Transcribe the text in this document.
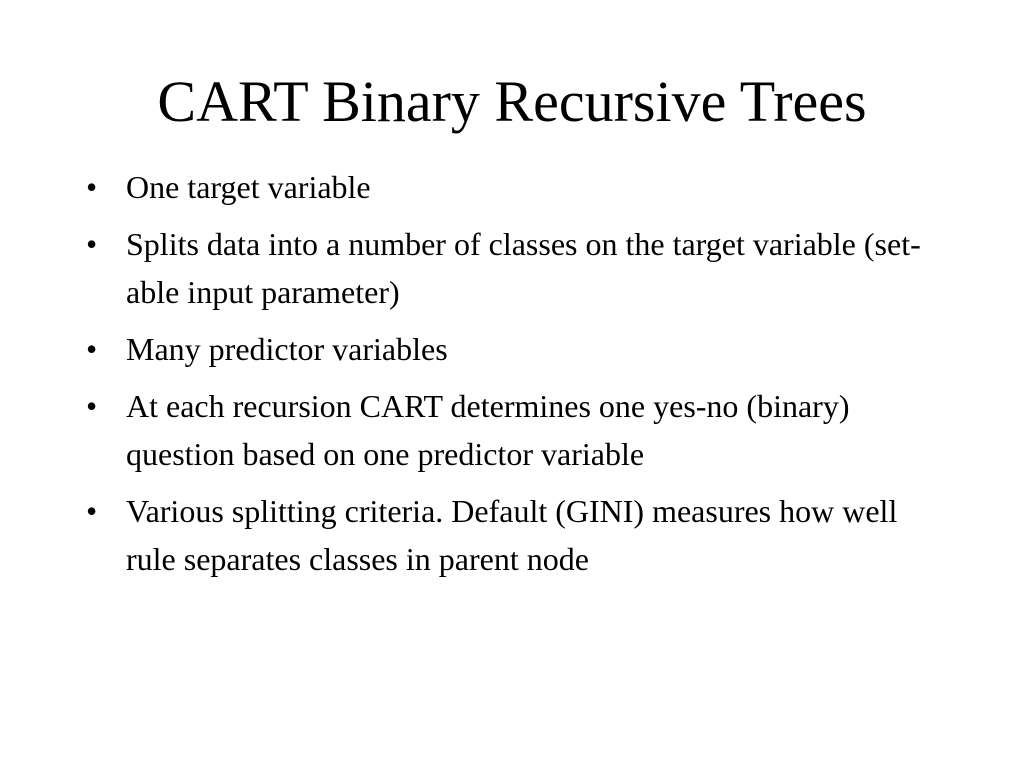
CART Binary Recursive Trees
• One target variable
• Splits data into a number of classes on the target variable (set-able input parameter)
• Many predictor variables
• At each recursion CART determines one yes-no (binary) question based on one predictor variable
• Various splitting criteria. Default (GINI) measures how well rule separates classes in parent node
